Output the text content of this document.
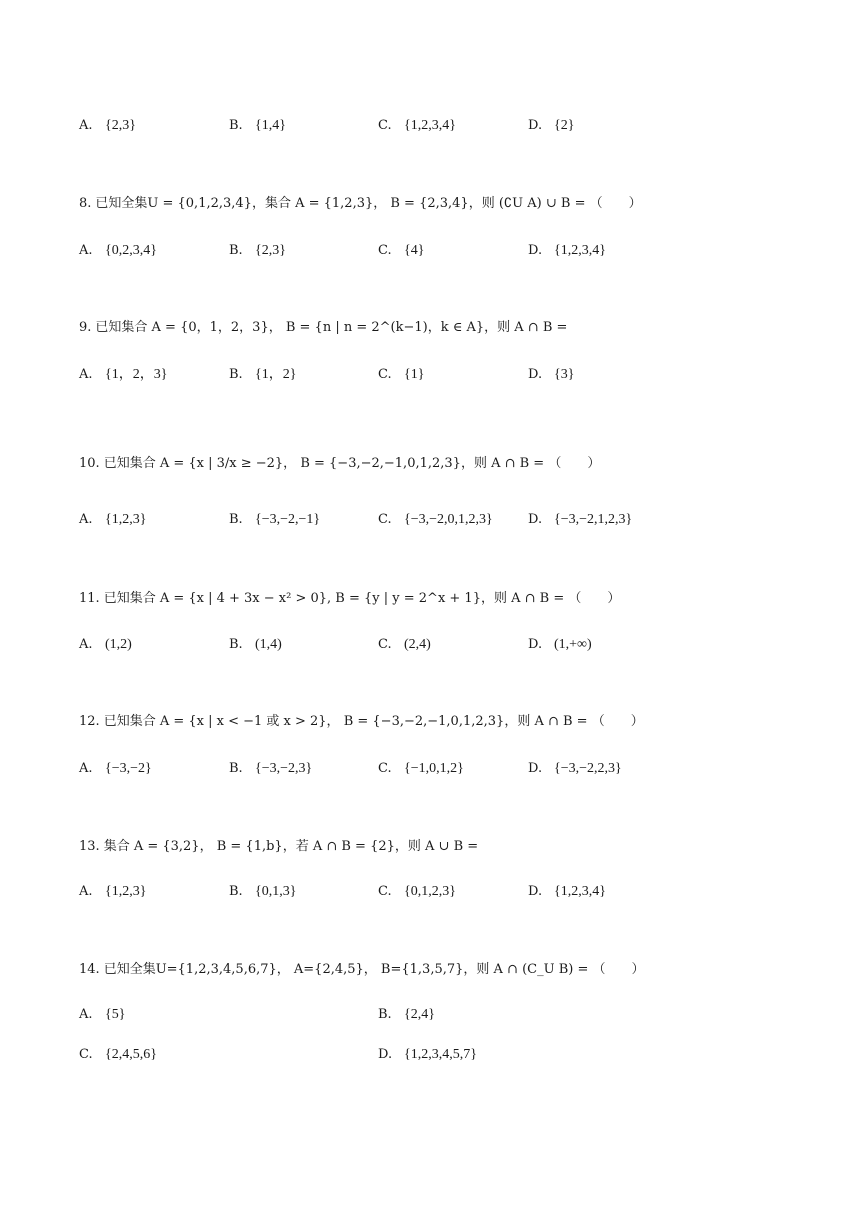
A. {2,3}	B. {1,4}	C. {1,2,3,4}	D. {2}
8. 已知全集U = {0,1,2,3,4}，集合 A = {1,2,3}， B = {2,3,4}，则 (∁U A) ∪ B = （　　）
A. {0,2,3,4}	B. {2,3}	C. {4}	D. {1,2,3,4}
9. 已知集合 A = {0，1，2，3}， B = {n | n = 2^(k−1)，k ∈ A}，则 A ∩ B =
A. {1，2，3}	B. {1，2}	C. {1}	D. {3}
10. 已知集合 A = {x | 3/x ≥ −2}， B = {−3,−2,−1,0,1,2,3}，则 A ∩ B = （　　）
A. {1,2,3}	B. {−3,−2,−1}	C. {−3,−2,0,1,2,3}	D. {−3,−2,1,2,3}
11. 已知集合 A = {x | 4 + 3x − x² > 0}, B = {y | y = 2^x + 1}，则 A ∩ B = （　　）
A. (1,2)	B. (1,4)	C. (2,4)	D. (1,+∞)
12. 已知集合 A = {x | x < −1 或 x > 2}， B = {−3,−2,−1,0,1,2,3}，则 A ∩ B = （　　）
A. {−3,−2}	B. {−3,−2,3}	C. {−1,0,1,2}	D. {−3,−2,2,3}
13. 集合 A = {3,2}， B = {1,b}，若 A ∩ B = {2}，则 A ∪ B =
A. {1,2,3}	B. {0,1,3}	C. {0,1,2,3}	D. {1,2,3,4}
14. 已知全集U={1,2,3,4,5,6,7}， A={2,4,5}， B={1,3,5,7}，则 A ∩ (C_U B) = （　　）
A. {5}	B. {2,4}
C. {2,4,5,6}	D. {1,2,3,4,5,7}
